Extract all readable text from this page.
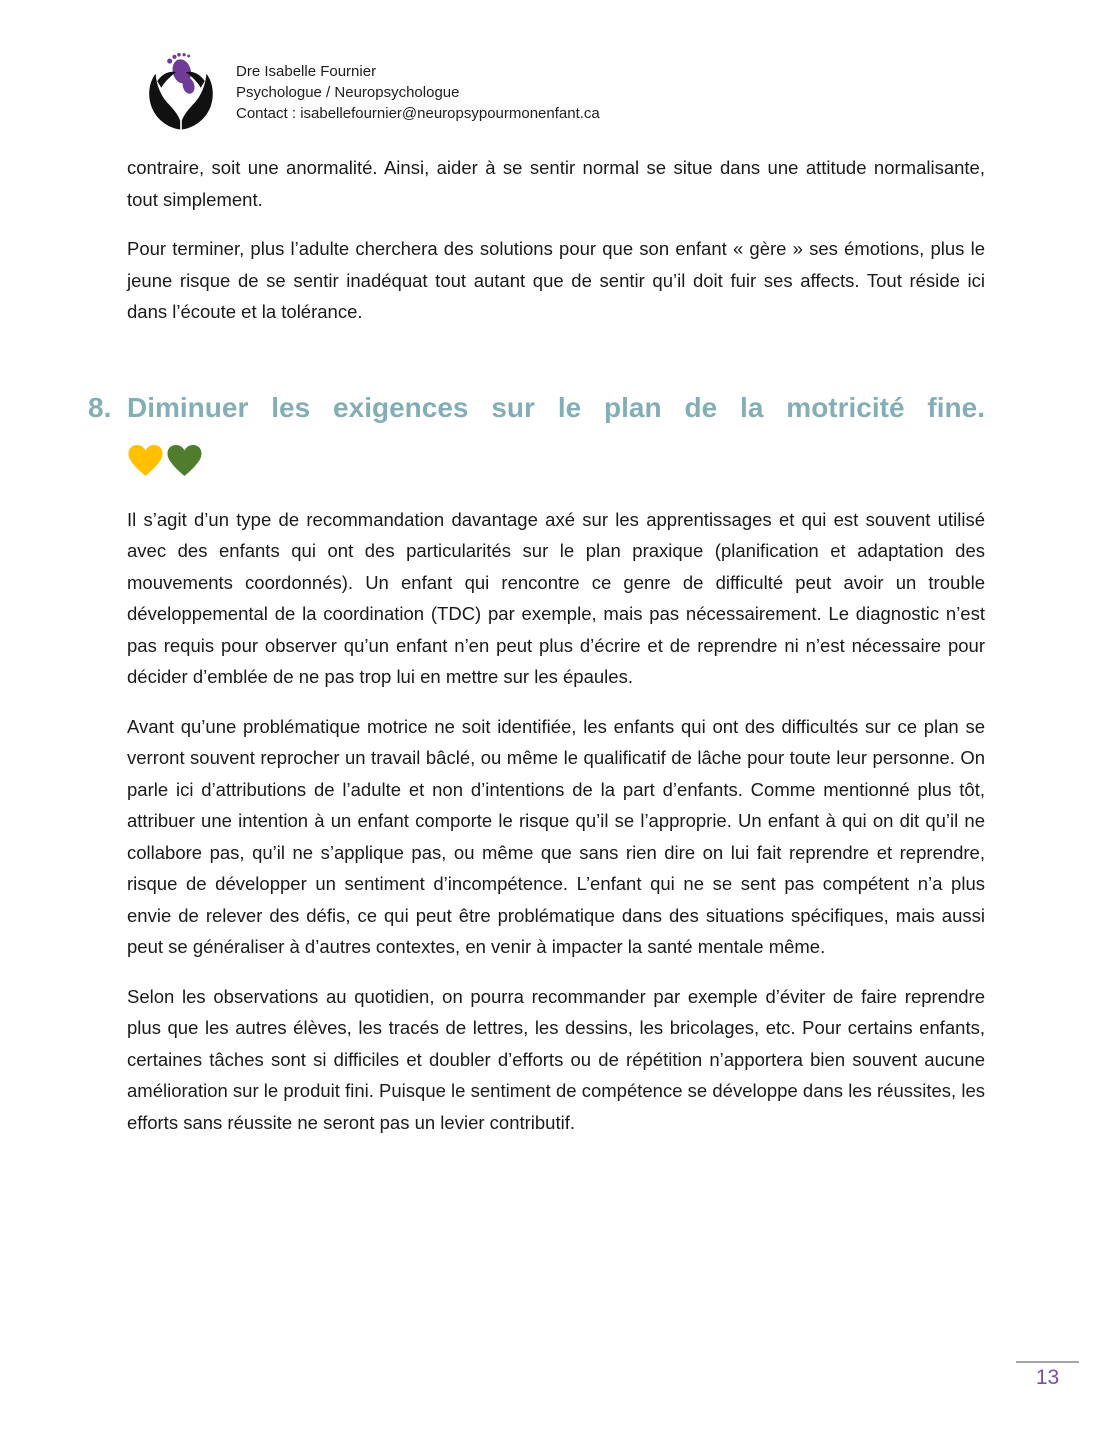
Dre Isabelle Fournier
Psychologue / Neuropsychologue
Contact : isabellefournier@neuropsypourmonenfant.ca

contraire, soit une anormalité. Ainsi, aider à se sentir normal se situe dans une attitude normalisante, tout simplement.

Pour terminer, plus l’adulte cherchera des solutions pour que son enfant « gère » ses émotions, plus le jeune risque de se sentir inadéquat tout autant que de sentir qu’il doit fuir ses affects. Tout réside ici dans l’écoute et la tolérance.

8. Diminuer les exigences sur le plan de la motricité fine.

Il s’agit d’un type de recommandation davantage axé sur les apprentissages et qui est souvent utilisé avec des enfants qui ont des particularités sur le plan praxique (planification et adaptation des mouvements coordonnés). Un enfant qui rencontre ce genre de difficulté peut avoir un trouble développemental de la coordination (TDC) par exemple, mais pas nécessairement. Le diagnostic n’est pas requis pour observer qu’un enfant n’en peut plus d’écrire et de reprendre ni n’est nécessaire pour décider d’emblée de ne pas trop lui en mettre sur les épaules.

Avant qu’une problématique motrice ne soit identifiée, les enfants qui ont des difficultés sur ce plan se verront souvent reprocher un travail bâclé, ou même le qualificatif de lâche pour toute leur personne. On parle ici d’attributions de l’adulte et non d’intentions de la part d’enfants. Comme mentionné plus tôt, attribuer une intention à un enfant comporte le risque qu’il se l’approprie. Un enfant à qui on dit qu’il ne collabore pas, qu’il ne s’applique pas, ou même que sans rien dire on lui fait reprendre et reprendre, risque de développer un sentiment d’incompétence. L’enfant qui ne se sent pas compétent n’a plus envie de relever des défis, ce qui peut être problématique dans des situations spécifiques, mais aussi peut se généraliser à d’autres contextes, en venir à impacter la santé mentale même.

Selon les observations au quotidien, on pourra recommander par exemple d’éviter de faire reprendre plus que les autres élèves, les tracés de lettres, les dessins, les bricolages, etc. Pour certains enfants, certaines tâches sont si difficiles et doubler d’efforts ou de répétition n’apportera bien souvent aucune amélioration sur le produit fini. Puisque le sentiment de compétence se développe dans les réussites, les efforts sans réussite ne seront pas un levier contributif.

13
